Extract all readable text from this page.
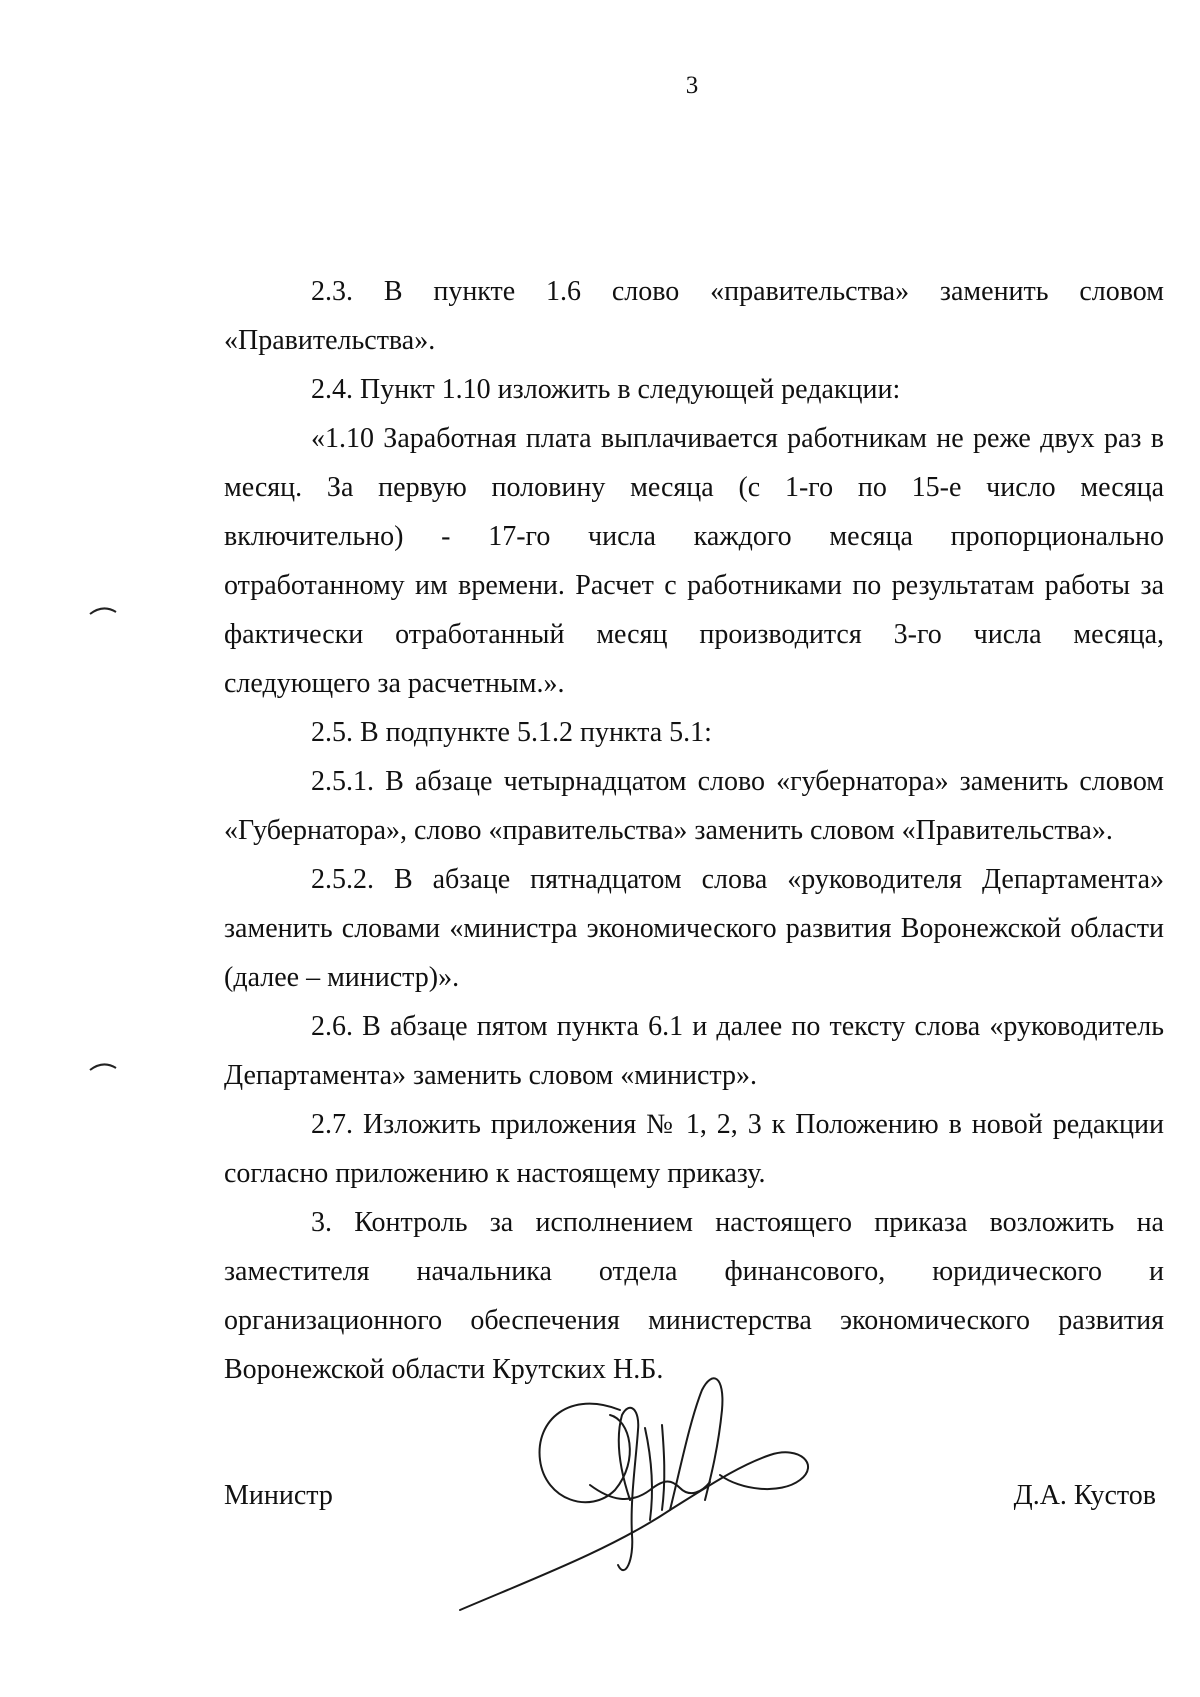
3

2.3. В пункте 1.6 слово «правительства» заменить словом «Правительства».

2.4. Пункт 1.10 изложить в следующей редакции:

«1.10 Заработная плата выплачивается работникам не реже двух раз в месяц. За первую половину месяца (с 1-го по 15-е число месяца включительно) - 17-го числа каждого месяца пропорционально отработанному им времени. Расчет с работниками по результатам работы за фактически отработанный месяц производится 3-го числа месяца, следующего за расчетным.».

2.5. В подпункте 5.1.2 пункта 5.1:

2.5.1. В абзаце четырнадцатом слово «губернатора» заменить словом «Губернатора», слово «правительства» заменить словом «Правительства».

2.5.2. В абзаце пятнадцатом слова «руководителя Департамента» заменить словами «министра экономического развития Воронежской области (далее – министр)».

2.6. В абзаце пятом пункта 6.1 и далее по тексту слова «руководитель Департамента» заменить словом «министр».

2.7. Изложить приложения № 1, 2, 3 к Положению в новой редакции согласно приложению к настоящему приказу.

3. Контроль за исполнением настоящего приказа возложить на заместителя начальника отдела финансового, юридического и организационного обеспечения министерства экономического развития Воронежской области Крутских Н.Б.

Министр	Д.А. Кустов
